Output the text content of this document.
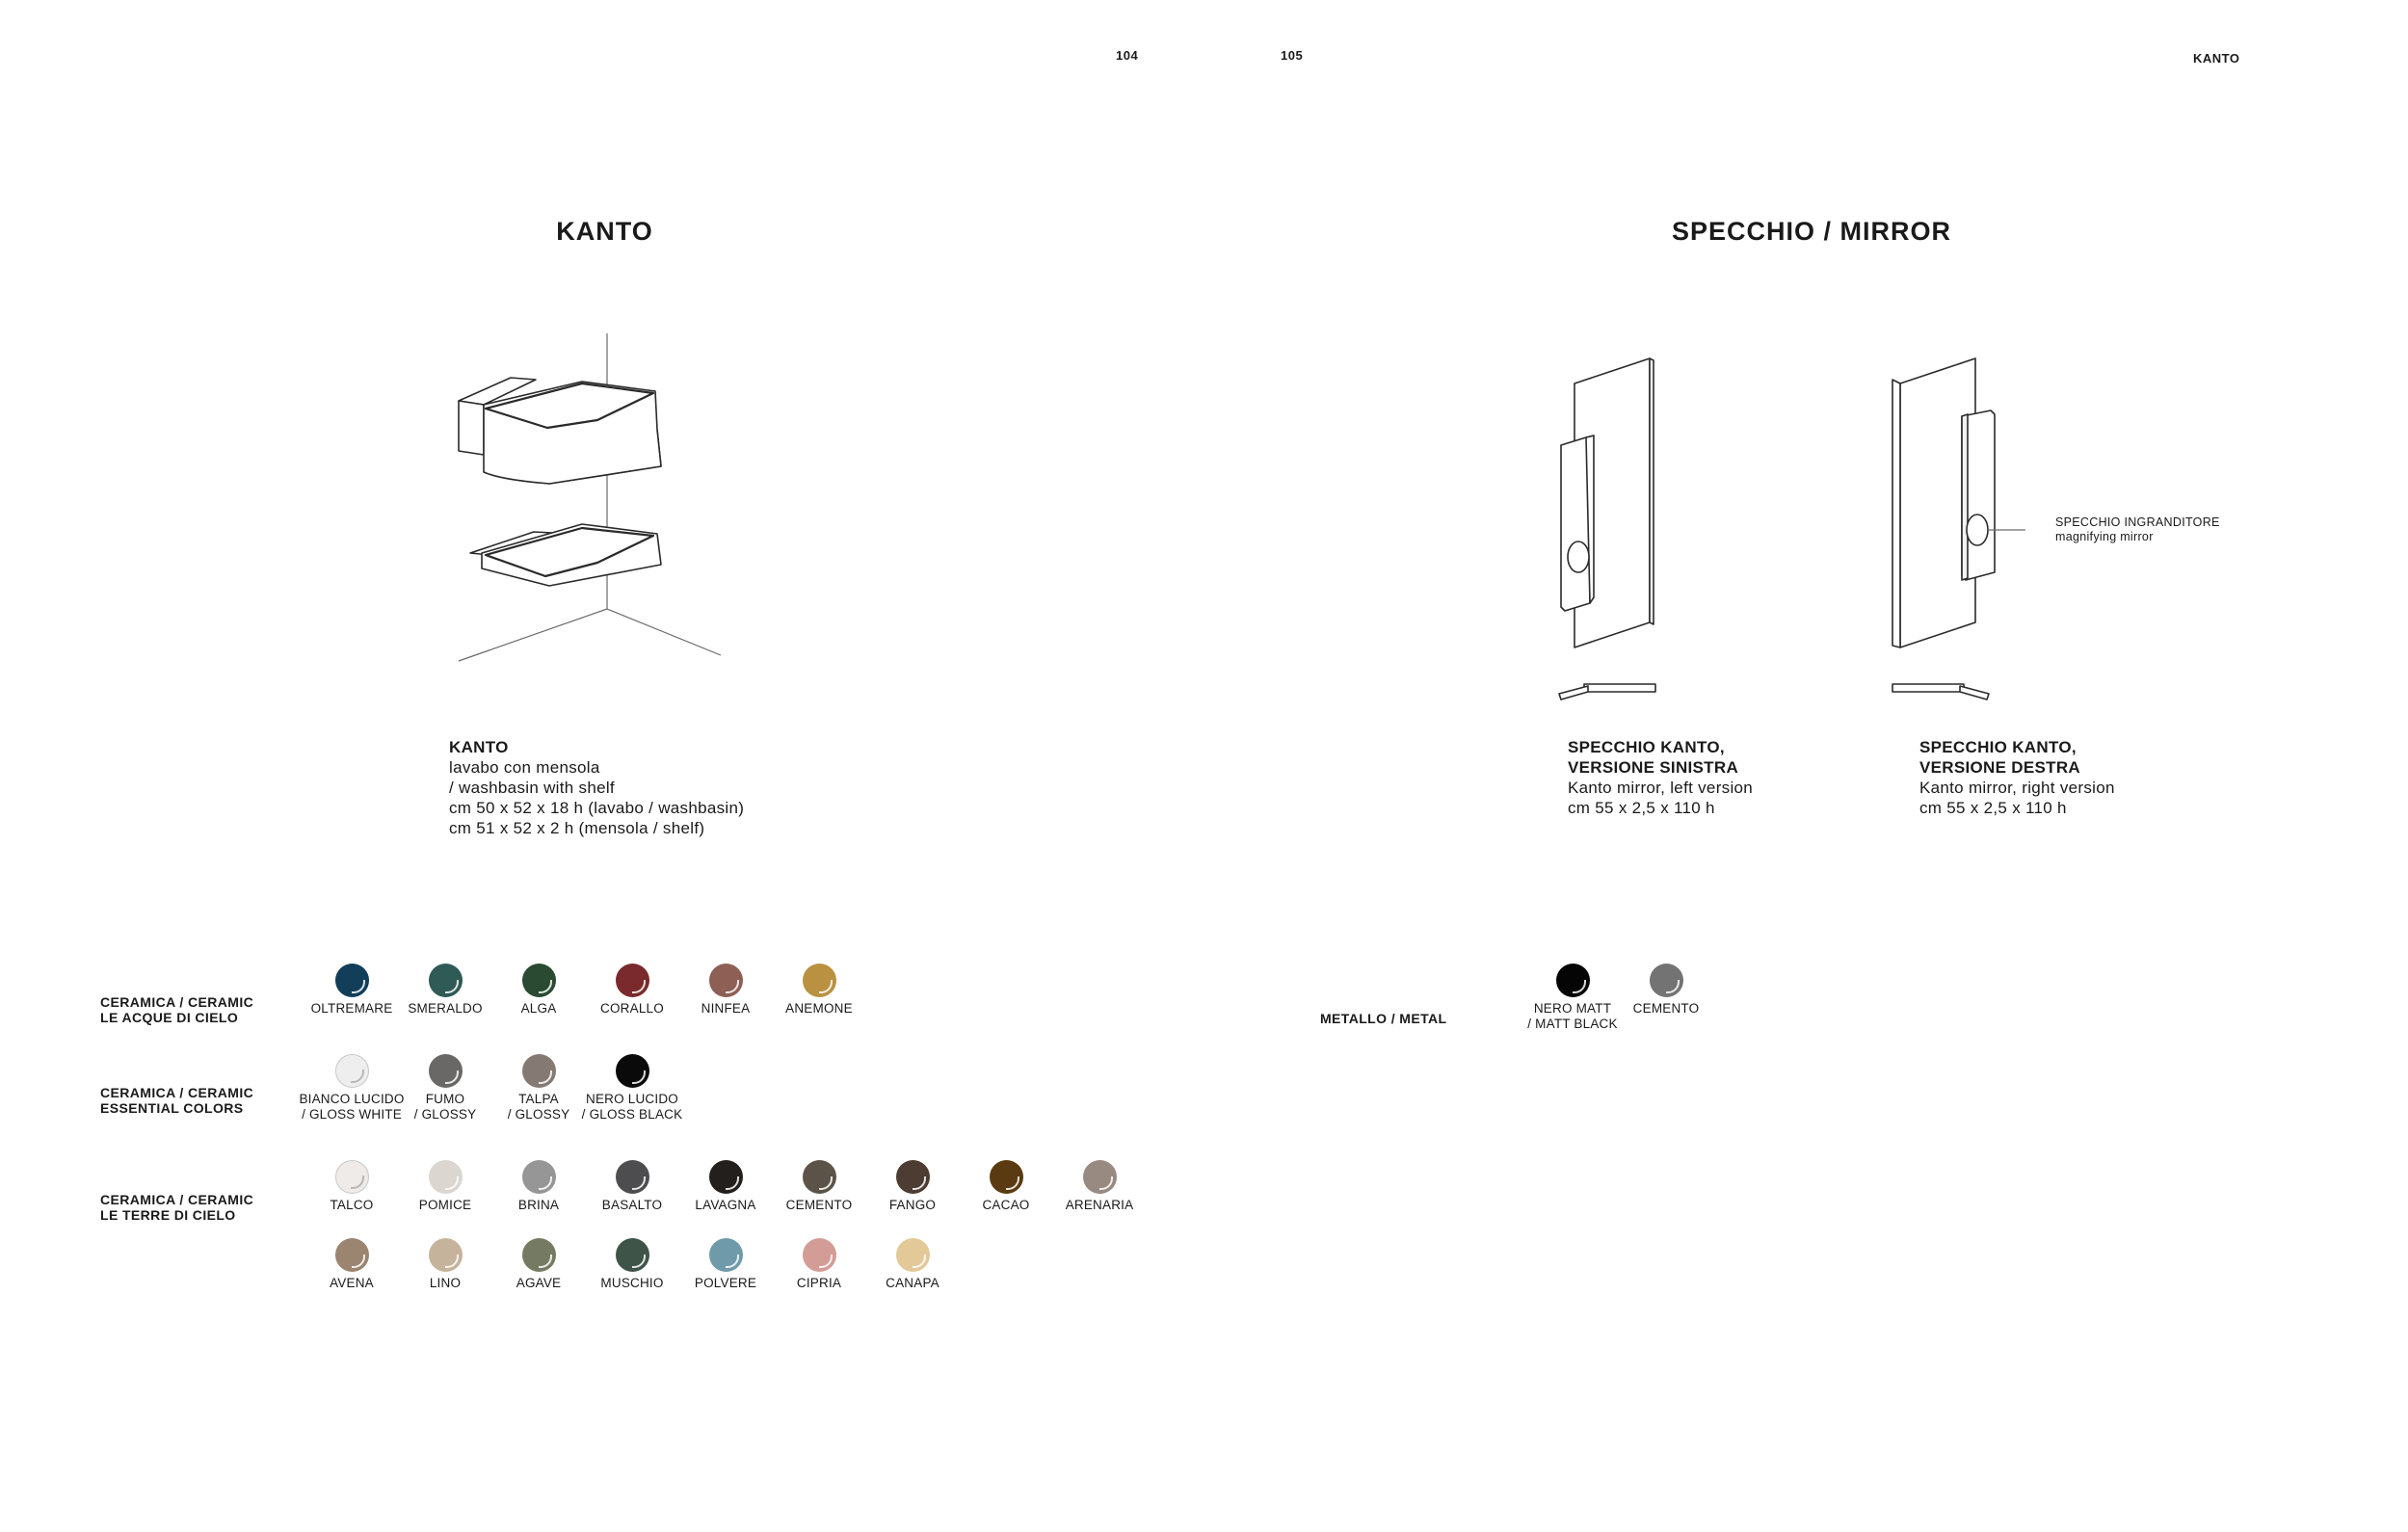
104	105	KANTO
KANTO	SPECCHIO / MIRROR
SPECCHIO INGRANDITORE
magnifying mirror
KANTO
lavabo con mensola
/ washbasin with shelf
cm 50 x 52 x 18 h (lavabo / washbasin)
cm 51 x 52 x 2 h (mensola / shelf)
SPECCHIO KANTO,
VERSIONE SINISTRA
Kanto mirror, left version
cm 55 x 2,5 x 110 h
SPECCHIO KANTO,
VERSIONE DESTRA
Kanto mirror, right version
cm 55 x 2,5 x 110 h
CERAMICA / CERAMIC
LE ACQUE DI CIELO
CERAMICA / CERAMIC
ESSENTIAL COLORS
CERAMICA / CERAMIC
LE TERRE DI CIELO
METALLO / METAL
OLTREMARE	SMERALDO	ALGA	CORALLO	NINFEA	ANEMONE
BIANCO LUCIDO
/ GLOSS WHITE
FUMO
/ GLOSSY
TALPA
/ GLOSSY
NERO LUCIDO
/ GLOSS BLACK
TALCO	POMICE	BRINA	BASALTO	LAVAGNA	CEMENTO	FANGO	CACAO	ARENARIA
AVENA	LINO	AGAVE	MUSCHIO	POLVERE	CIPRIA	CANAPA
NERO MATT
/ MATT BLACK
CEMENTO
